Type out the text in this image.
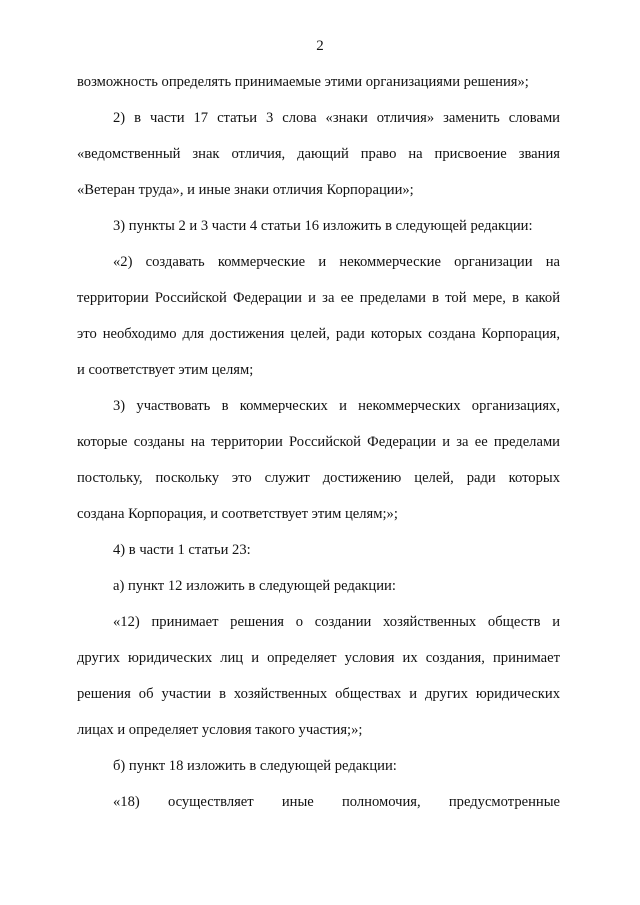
2
возможность определять принимаемые этими организациями решения»;
2) в части 17 статьи 3 слова «знаки отличия» заменить словами
«ведомственный знак отличия, дающий право на присвоение звания
«Ветеран труда», и иные знаки отличия Корпорации»;
3) пункты 2 и 3 части 4 статьи 16 изложить в следующей редакции:
«2) создавать коммерческие и некоммерческие организации на
территории Российской Федерации и за ее пределами в той мере, в какой
это необходимо для достижения целей, ради которых создана Корпорация,
и соответствует этим целям;
3) участвовать в коммерческих и некоммерческих организациях,
которые созданы на территории Российской Федерации и за ее пределами
постольку, поскольку это служит достижению целей, ради которых
создана Корпорация, и соответствует этим целям;»;
4) в части 1 статьи 23:
а) пункт 12 изложить в следующей редакции:
«12) принимает решения о создании хозяйственных обществ и
других юридических лиц и определяет условия их создания, принимает
решения об участии в хозяйственных обществах и других юридических
лицах и определяет условия такого участия;»;
б) пункт 18 изложить в следующей редакции:
«18) осуществляет иные полномочия, предусмотренные
